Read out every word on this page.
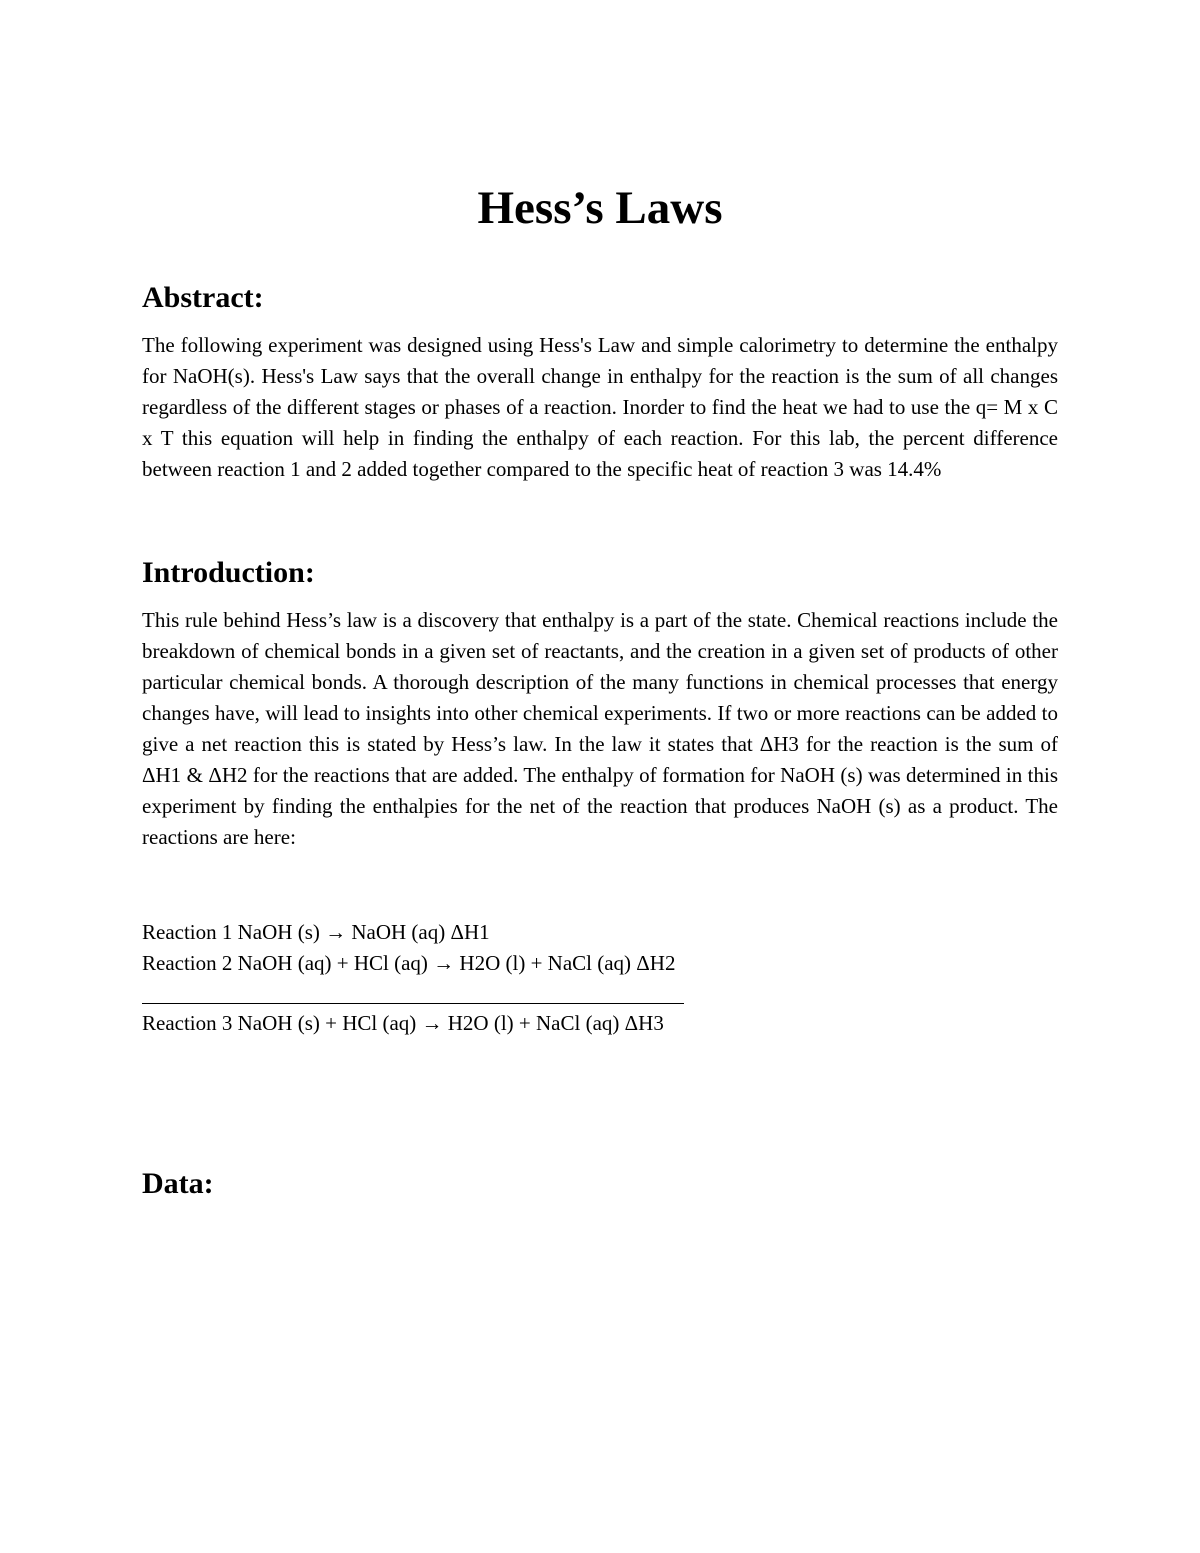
Hess’s Laws
Abstract:

The following experiment was designed using Hess's Law and simple calorimetry to determine the enthalpy for NaOH(s). Hess's Law says that the overall change in enthalpy for the reaction is the sum of all changes regardless of the different stages or phases of a reaction. Inorder to find the heat we had to use the q= M x C x T this equation will help in finding the enthalpy of each reaction. For this lab, the percent difference between reaction 1 and 2 added together compared to the specific heat of reaction 3 was 14.4%

Introduction:

This rule behind Hess’s law is a discovery that enthalpy is a part of the state. Chemical reactions include the breakdown of chemical bonds in a given set of reactants, and the creation in a given set of products of other particular chemical bonds. A thorough description of the many functions in chemical processes that energy changes have, will lead to insights into other chemical experiments. If two or more reactions can be added to give a net reaction this is stated by Hess’s law. In the law it states that ΔH3 for the reaction is the sum of ΔH1 & ΔH2 for the reactions that are added. The enthalpy of formation for NaOH (s) was determined in this experiment by finding the enthalpies for the net of the reaction that produces NaOH (s) as a product. The reactions are here:

Reaction 1 NaOH (s) → NaOH (aq) ΔH1

Reaction 2 NaOH (aq) + HCl (aq) → H2O (l) + NaCl (aq) ΔH2

Reaction 3 NaOH (s) + HCl (aq) → H2O (l) + NaCl (aq) ΔH3

Data:
